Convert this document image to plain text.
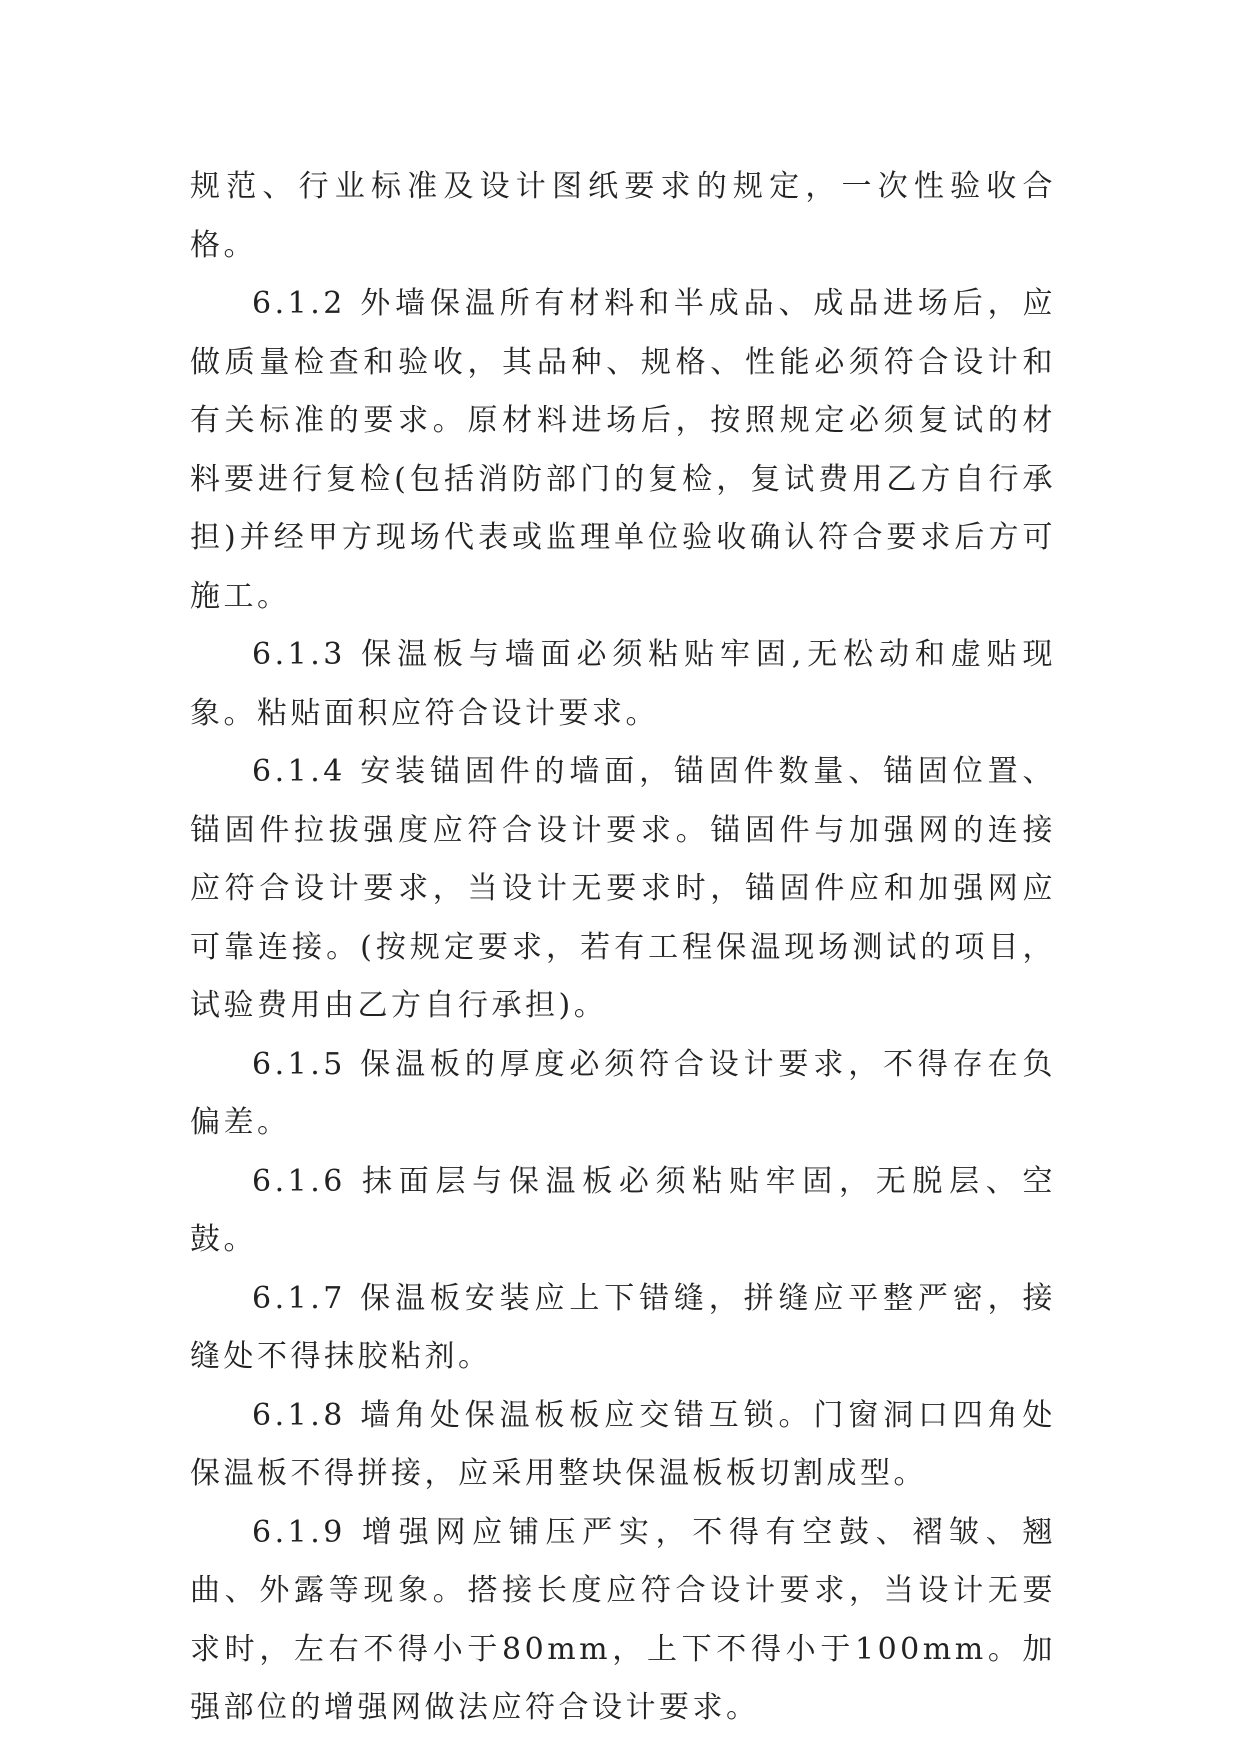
规范、行业标准及设计图纸要求的规定，一次性验收合格。

6.1.2 外墙保温所有材料和半成品、成品进场后，应做质量检查和验收，其品种、规格、性能必须符合设计和有关标准的要求。原材料进场后，按照规定必须复试的材料要进行复检(包括消防部门的复检，复试费用乙方自行承担)并经甲方现场代表或监理单位验收确认符合要求后方可施工。

6.1.3 保温板与墙面必须粘贴牢固,无松动和虚贴现象。粘贴面积应符合设计要求。

6.1.4 安装锚固件的墙面，锚固件数量、锚固位置、锚固件拉拔强度应符合设计要求。锚固件与加强网的连接应符合设计要求，当设计无要求时，锚固件应和加强网应可靠连接。(按规定要求，若有工程保温现场测试的项目，试验费用由乙方自行承担)。

6.1.5 保温板的厚度必须符合设计要求，不得存在负偏差。

6.1.6 抹面层与保温板必须粘贴牢固，无脱层、空鼓。

6.1.7 保温板安装应上下错缝，拼缝应平整严密，接缝处不得抹胶粘剂。

6.1.8 墙角处保温板板应交错互锁。门窗洞口四角处保温板不得拼接，应采用整块保温板板切割成型。

6.1.9 增强网应铺压严实，不得有空鼓、褶皱、翘曲、外露等现象。搭接长度应符合设计要求，当设计无要求时，左右不得小于80mm，上下不得小于100mm。加强部位的增强网做法应符合设计要求。
